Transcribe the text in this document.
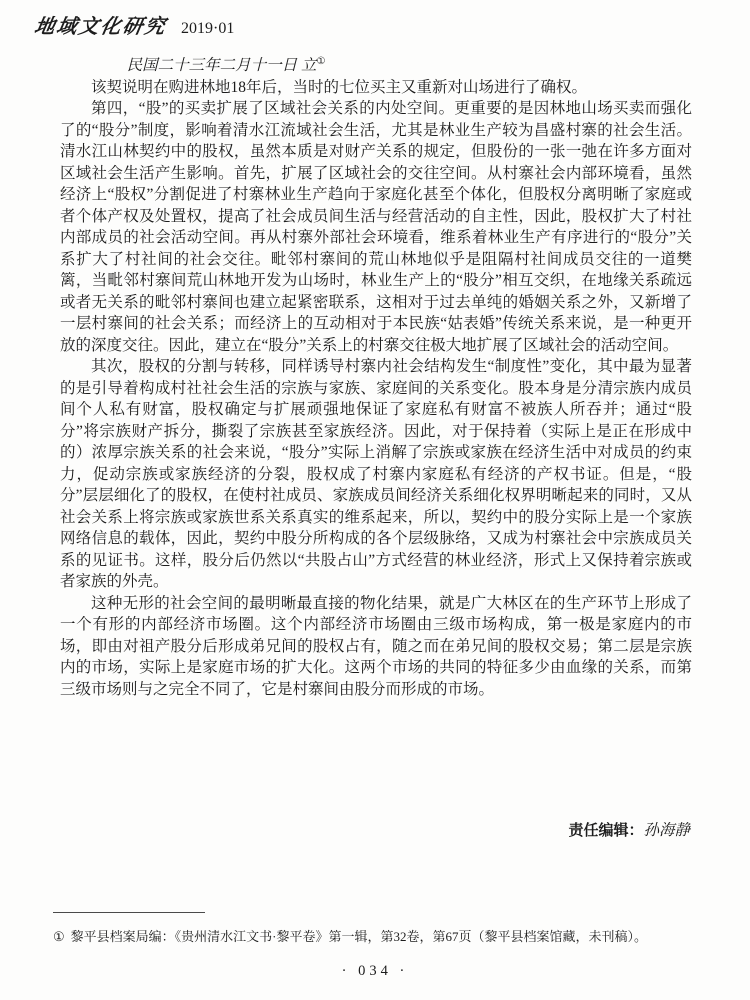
地域文化研究 2019·01

民国二十三年二月十一日 立①

该契说明在购进林地18年后，当时的七位买主又重新对山场进行了确权。

第四，“股”的买卖扩展了区域社会关系的内处空间。更重要的是因林地山场买卖而强化了的“股分”制度，影响着清水江流域社会生活，尤其是林业生产较为昌盛村寨的社会生活。清水江山林契约中的股权，虽然本质是对财产关系的规定，但股份的一张一弛在许多方面对区域社会生活产生影响。首先，扩展了区域社会的交往空间。从村寨社会内部环境看，虽然经济上“股权”分割促进了村寨林业生产趋向于家庭化甚至个体化，但股权分离明晰了家庭或者个体产权及处置权，提高了社会成员间生活与经营活动的自主性，因此，股权扩大了村社内部成员的社会活动空间。再从村寨外部社会环境看，维系着林业生产有序进行的“股分”关系扩大了村社间的社会交往。毗邻村寨间的荒山林地似乎是阻隔村社间成员交往的一道樊篱，当毗邻村寨间荒山林地开发为山场时，林业生产上的“股分”相互交织，在地缘关系疏远或者无关系的毗邻村寨间也建立起紧密联系，这相对于过去单纯的婚姻关系之外，又新增了一层村寨间的社会关系；而经济上的互动相对于本民族“姑表婚”传统关系来说，是一种更开放的深度交往。因此，建立在“股分”关系上的村寨交往极大地扩展了区域社会的活动空间。

其次，股权的分割与转移，同样诱导村寨内社会结构发生“制度性”变化，其中最为显著的是引导着构成村社社会生活的宗族与家族、家庭间的关系变化。股本身是分清宗族内成员间个人私有财富，股权确定与扩展顽强地保证了家庭私有财富不被族人所吞并；通过“股分”将宗族财产拆分，撕裂了宗族甚至家族经济。因此，对于保持着（实际上是正在形成中的）浓厚宗族关系的社会来说，“股分”实际上消解了宗族或家族在经济生活中对成员的约束力，促动宗族或家族经济的分裂，股权成了村寨内家庭私有经济的产权书证。但是，“股分”层层细化了的股权，在使村社成员、家族成员间经济关系细化权界明晰起来的同时，又从社会关系上将宗族或家族世系关系真实的维系起来，所以，契约中的股分实际上是一个家族网络信息的载体，因此，契约中股分所构成的各个层级脉络，又成为村寨社会中宗族成员关系的见证书。这样，股分后仍然以“共股占山”方式经营的林业经济，形式上又保持着宗族或者家族的外壳。

这种无形的社会空间的最明晰最直接的物化结果，就是广大林区在的生产环节上形成了一个有形的内部经济市场圈。这个内部经济市场圈由三级市场构成，第一极是家庭内的市场，即由对祖产股分后形成弟兄间的股权占有，随之而在弟兄间的股权交易；第二层是宗族内的市场，实际上是家庭市场的扩大化。这两个市场的共同的特征多少由血缘的关系，而第三级市场则与之完全不同了，它是村寨间由股分而形成的市场。

责任编辑：孙海静
① 黎平县档案局编：《贵州清水江文书·黎平卷》第一辑，第32卷，第67页（黎平县档案馆藏，未刊稿）。
· 034 ·
